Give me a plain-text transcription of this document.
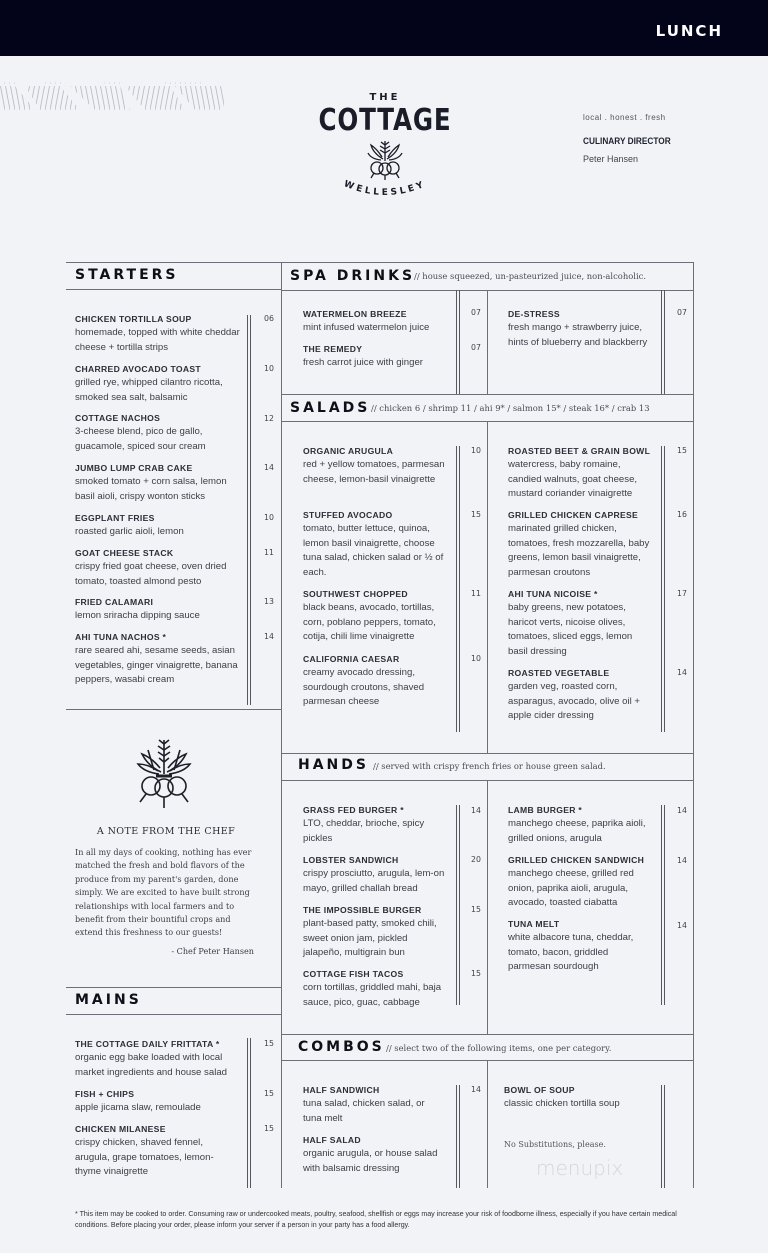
LUNCH
THE
COTTAGE
WELLESLEY
local . honest . fresh
CULINARY DIRECTOR
Peter Hansen
STARTERS
CHICKEN TORTILLA SOUP
homemade, topped with white cheddar cheese + tortilla strips
06
CHARRED AVOCADO TOAST
grilled rye, whipped cilantro ricotta, smoked sea salt, balsamic
10
COTTAGE NACHOS
3-cheese blend, pico de gallo, guacamole, spiced sour cream
12
JUMBO LUMP CRAB CAKE
smoked tomato + corn salsa, lemon basil aioli, crispy wonton sticks
14
EGGPLANT FRIES
roasted garlic aioli, lemon
10
GOAT CHEESE STACK
crispy fried goat cheese, oven dried tomato, toasted almond pesto
11
FRIED CALAMARI
lemon sriracha dipping sauce
13
AHI TUNA NACHOS *
rare seared ahi, sesame seeds, asian vegetables, ginger vinaigrette, banana peppers, wasabi cream
14
A NOTE FROM THE CHEF
In all my days of cooking, nothing has ever matched the fresh and bold flavors of the produce from my parent's garden, done simply. We are excited to have built strong relationships with local farmers and to benefit from their bountiful crops and extend this freshness to our guests!
- Chef Peter Hansen
MAINS
THE COTTAGE DAILY FRITTATA *
organic egg bake loaded with local market ingredients and house salad
15
FISH + CHIPS
apple jicama slaw, remoulade
15
CHICKEN MILANESE
crispy chicken, shaved fennel, arugula, grape tomatoes, lemon-thyme vinaigrette
15
SPA DRINKS
// house squeezed, un-pasteurized juice, non-alcoholic.
WATERMELON BREEZE
mint infused watermelon juice
07
THE REMEDY
fresh carrot juice with ginger
07
DE-STRESS
fresh mango + strawberry juice, hints of blueberry and blackberry
07
SALADS // chicken 6 / shrimp 11 / ahi 9* / salmon 15* / steak 16* / crab 13
ORGANIC ARUGULA
red + yellow tomatoes, parmesan cheese, lemon-basil vinaigrette
10
STUFFED AVOCADO
tomato, butter lettuce, quinoa, lemon basil vinaigrette, choose tuna salad, chicken salad or ½ of each.
15
SOUTHWEST CHOPPED
black beans, avocado, tortillas, corn, poblano peppers, tomato, cotija, chili lime vinaigrette
11
CALIFORNIA CAESAR
creamy avocado dressing, sourdough croutons, shaved parmesan cheese
10
ROASTED BEET & GRAIN BOWL
watercress, baby romaine, candied walnuts, goat cheese, mustard coriander vinaigrette
15
GRILLED CHICKEN CAPRESE
marinated grilled chicken, tomatoes, fresh mozzarella, baby greens, lemon basil vinaigrette, parmesan croutons
16
AHI TUNA NICOISE *
baby greens, new potatoes, haricot verts, nicoise olives, tomatoes, sliced eggs, lemon basil dressing
17
ROASTED VEGETABLE
garden veg, roasted corn, asparagus, avocado, olive oil + apple cider dressing
14
HANDS // served with crispy french fries or house green salad.
GRASS FED BURGER *
LTO, cheddar, brioche, spicy pickles
14
LOBSTER SANDWICH
crispy prosciutto, arugula, lem-on mayo, grilled challah bread
20
THE IMPOSSIBLE BURGER
plant-based patty, smoked chili, sweet onion jam, pickled jalapeño, multigrain bun
15
COTTAGE FISH TACOS
corn tortillas, griddled mahi, baja sauce, pico, guac, cabbage
15
LAMB BURGER *
manchego cheese, paprika aioli, grilled onions, arugula
14
GRILLED CHICKEN SANDWICH
manchego cheese, grilled red onion, paprika aioli, arugula, avocado, toasted ciabatta
14
TUNA MELT
white albacore tuna, cheddar, tomato, bacon, griddled parmesan sourdough
14
COMBOS // select two of the following items, one per category.
HALF SANDWICH
tuna salad, chicken salad, or tuna melt
14
HALF SALAD
organic arugula, or house salad with balsamic dressing
BOWL OF SOUP
classic chicken tortilla soup
No Substitutions, please.
menupix
* This item may be cooked to order. Consuming raw or undercooked meats, poultry, seafood, shellfish or eggs may increase your risk of foodborne illness, especially if you have certain medical conditions. Before placing your order, please inform your server if a person in your party has a food allergy.
